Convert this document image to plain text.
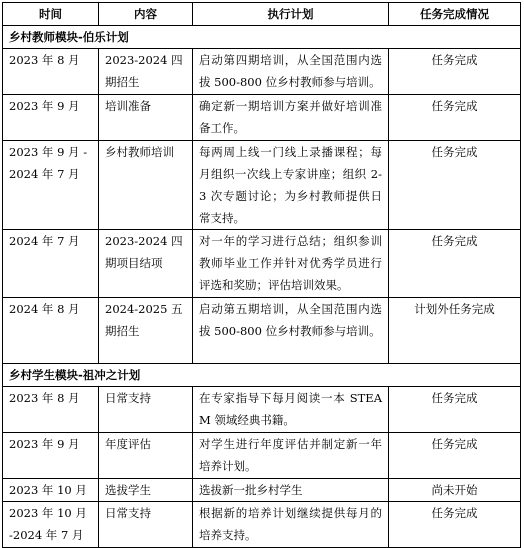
时间	内容	执行计划	任务完成情况
乡村教师模块-伯乐计划			
2023 年 8 月	2023-2024 四期招生	启动第四期培训，从全国范围内选拔 500-800 位乡村教师参与培训。	任务完成
2023 年 9 月	培训准备	确定新一期培训方案并做好培训准备工作。	任务完成
2023 年 9 月 -2024 年 7 月	乡村教师培训	每两周上线一门线上录播课程；每月组织一次线上专家讲座；组织 2-3 次专题讨论；为乡村教师提供日常支持。	任务完成
2024 年 7 月	2023-2024 四期项目结项	对一年的学习进行总结；组织参训教师毕业工作并针对优秀学员进行评选和奖励；评估培训效果。	任务完成
2024 年 8 月	2024-2025 五期招生	启动第五期培训，从全国范围内选拔 500-800 位乡村教师参与培训。	计划外任务完成
乡村学生模块-祖冲之计划			
2023 年 8 月	日常支持	在专家指导下每月阅读一本 STEAM 领域经典书籍。	任务完成
2023 年 9 月	年度评估	对学生进行年度评估并制定新一年培养计划。	任务完成
2023 年 10 月	选拔学生	选拔新一批乡村学生	尚未开始
2023 年 10 月 -2024 年 7 月	日常支持	根据新的培养计划继续提供每月的培养支持。	任务完成
